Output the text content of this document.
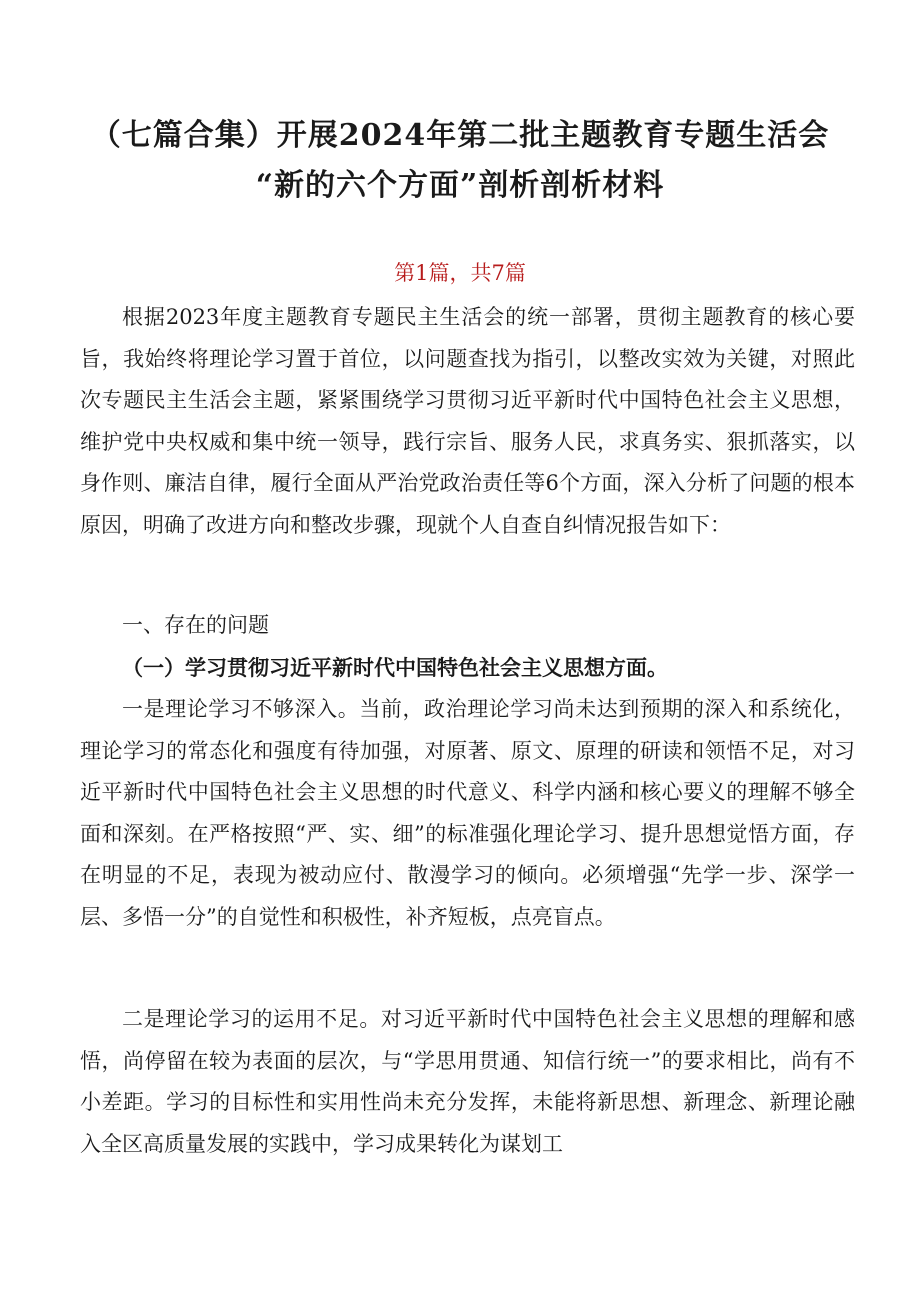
（七篇合集）开展2024年第二批主题教育专题生活会
“新的六个方面”剖析剖析材料
第1篇，共7篇

根据2023年度主题教育专题民主生活会的统一部署，贯彻主题教育的核心要旨，我始终将理论学习置于首位，以问题查找为指引，以整改实效为关键，对照此次专题民主生活会主题，紧紧围绕学习贯彻习近平新时代中国特色社会主义思想，维护党中央权威和集中统一领导，践行宗旨、服务人民，求真务实、狠抓落实，以身作则、廉洁自律，履行全面从严治党政治责任等6个方面，深入分析了问题的根本原因，明确了改进方向和整改步骤，现就个人自查自纠情况报告如下：

一、存在的问题
（一）学习贯彻习近平新时代中国特色社会主义思想方面。

一是理论学习不够深入。当前，政治理论学习尚未达到预期的深入和系统化，理论学习的常态化和强度有待加强，对原著、原文、原理的研读和领悟不足，对习近平新时代中国特色社会主义思想的时代意义、科学内涵和核心要义的理解不够全面和深刻。在严格按照“严、实、细”的标准强化理论学习、提升思想觉悟方面，存在明显的不足，表现为被动应付、散漫学习的倾向。必须增强“先学一步、深学一层、多悟一分”的自觉性和积极性，补齐短板，点亮盲点。

二是理论学习的运用不足。对习近平新时代中国特色社会主义思想的理解和感悟，尚停留在较为表面的层次，与“学思用贯通、知信行统一”的要求相比，尚有不小差距。学习的目标性和实用性尚未充分发挥，未能将新思想、新理念、新理论融入全区高质量发展的实践中，学习成果转化为谋划工
